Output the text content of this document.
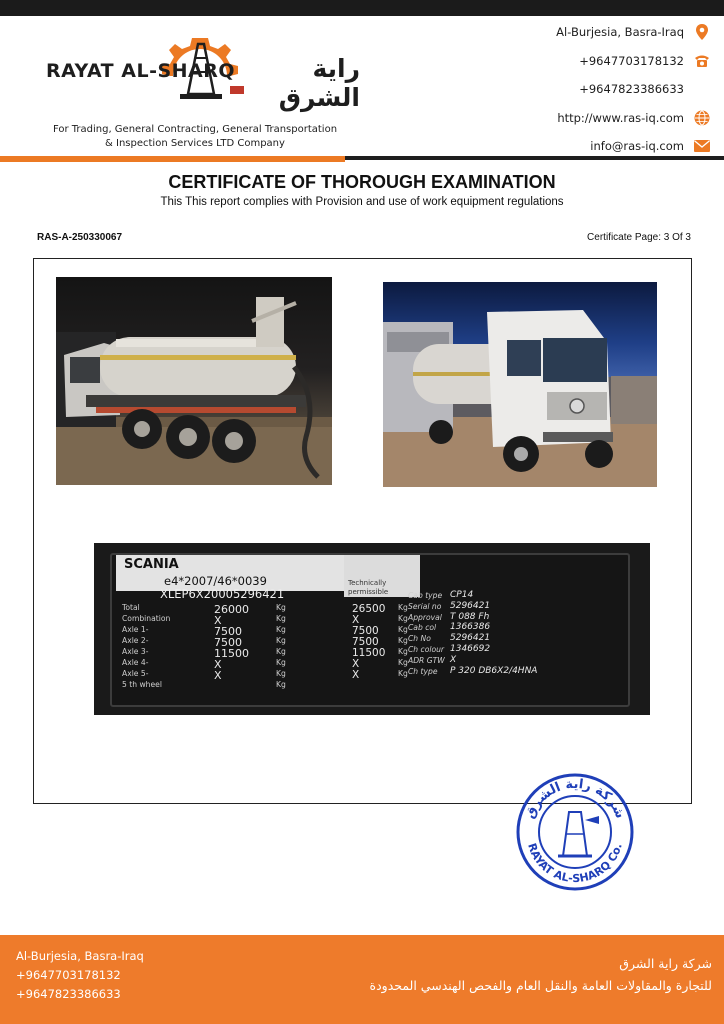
RAYAT AL-SHARQ	راية الشرق
For Trading, General Contracting, General Transportation
& Inspection Services LTD Company
Al-Burjesia, Basra-Iraq
+9647703178132
+9647823386633
http://www.ras-iq.com
info@ras-iq.com
CERTIFICATE OF THOROUGH EXAMINATION
This This report complies with Provision and use of work equipment regulations
RAS-A-250330067	Certificate Page: 3 Of 3
SCANIA
e4*2007/46*0039
XLEP6X20005296421
Technically permissible
Total	26000	Kg	26500 Kg
Combination	X	Kg	X	Kg
Axle 1-	7500	Kg	7500	Kg
Axle 2-	7500	Kg	7500	Kg
Axle 3-	11500	Kg	11500 Kg
Axle 4-	X	Kg	X	Kg
Axle 5-	X	Kg	X	Kg
5 th wheel	Kg
Cab type CP14
Serial no 5296421
Approval T 088 Fh
Cab col 1366386
Ch No 5296421
Ch colour 1346692
ADR GTW X
Ch type P 320 DB6X2/4HNA
شركة راية الشرق
RAYAT AL-SHARQ Co.
Al-Burjesia, Basra-Iraq
+9647703178132
+9647823386633
شركة راية الشرق
للتجارة والمقاولات العامة والنقل العام والفحص الهندسي المحدودة
